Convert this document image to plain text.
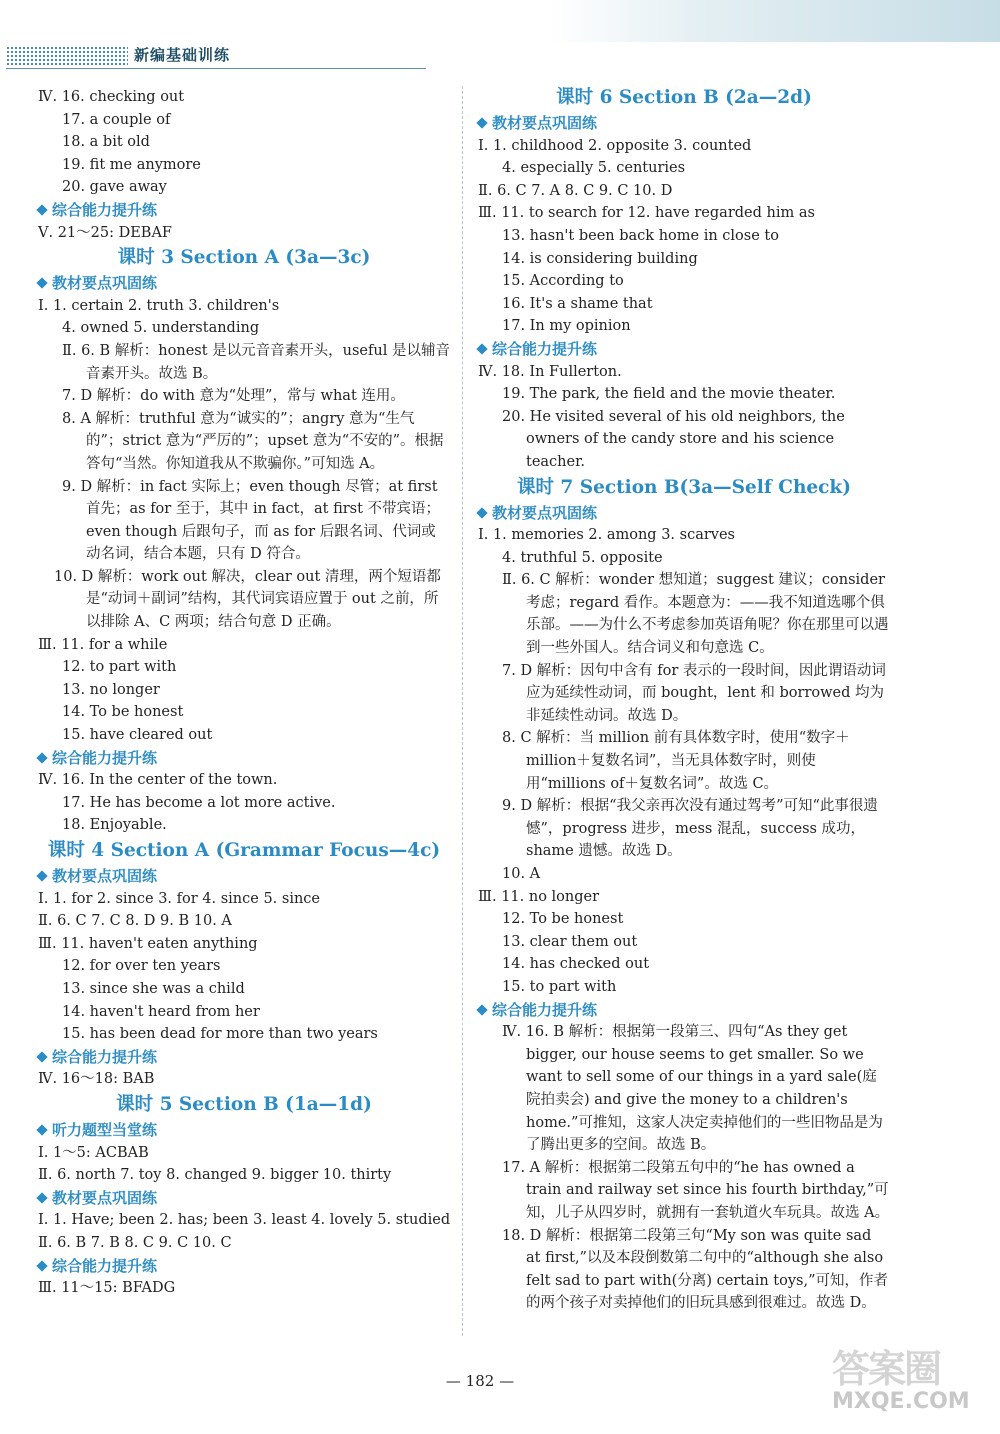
新编基础训练
Ⅳ. 16. checking out
17. a couple of
18. a bit old
19. fit me anymore
20. gave away
综合能力提升练
Ⅴ. 21～25: DEBAF
课时 3 Section A (3a—3c)
教材要点巩固练
Ⅰ. 1. certain 2. truth 3. children's
4. owned 5. understanding
Ⅱ. 6. B 解析：honest 是以元音音素开头，useful 是以辅音音素开头。故选 B。
7. D 解析：do with 意为“处理”，常与 what 连用。
8. A 解析：truthful 意为“诚实的”；angry 意为“生气的”；strict 意为“严厉的”；upset 意为“不安的”。根据答句“当然。你知道我从不欺骗你。”可知选 A。
9. D 解析：in fact 实际上；even though 尽管；at first 首先；as for 至于，其中 in fact，at first 不带宾语；even though 后跟句子，而 as for 后跟名词、代词或动名词，结合本题，只有 D 符合。
10. D 解析：work out 解决，clear out 清理，两个短语都是“动词＋副词”结构，其代词宾语应置于 out 之前，所以排除 A、C 两项；结合句意 D 正确。
Ⅲ. 11. for a while
12. to part with
13. no longer
14. To be honest
15. have cleared out
综合能力提升练
Ⅳ. 16. In the center of the town.
17. He has become a lot more active.
18. Enjoyable.
课时 4 Section A (Grammar Focus—4c)
教材要点巩固练
Ⅰ. 1. for 2. since 3. for 4. since 5. since
Ⅱ. 6. C 7. C 8. D 9. B 10. A
Ⅲ. 11. haven't eaten anything
12. for over ten years
13. since she was a child
14. haven't heard from her
15. has been dead for more than two years
综合能力提升练
Ⅳ. 16～18: BAB
课时 5 Section B (1a—1d)
听力题型当堂练
Ⅰ. 1～5: ACBAB
Ⅱ. 6. north 7. toy 8. changed 9. bigger 10. thirty
教材要点巩固练
Ⅰ. 1. Have; been 2. has; been 3. least 4. lovely 5. studied
Ⅱ. 6. B 7. B 8. C 9. C 10. C
综合能力提升练
Ⅲ. 11～15: BFADG
课时 6 Section B (2a—2d)
教材要点巩固练
Ⅰ. 1. childhood 2. opposite 3. counted
4. especially 5. centuries
Ⅱ. 6. C 7. A 8. C 9. C 10. D
Ⅲ. 11. to search for 12. have regarded him as
13. hasn't been back home in close to
14. is considering building
15. According to
16. It's a shame that
17. In my opinion
综合能力提升练
Ⅳ. 18. In Fullerton.
19. The park, the field and the movie theater.
20. He visited several of his old neighbors, the owners of the candy store and his science teacher.
课时 7 Section B(3a—Self Check)
教材要点巩固练
Ⅰ. 1. memories 2. among 3. scarves
4. truthful 5. opposite
Ⅱ. 6. C 解析：wonder 想知道；suggest 建议；consider 考虑；regard 看作。本题意为：——我不知道选哪个俱乐部。——为什么不考虑参加英语角呢？你在那里可以遇到一些外国人。结合词义和句意选 C。
7. D 解析：因句中含有 for 表示的一段时间，因此谓语动词应为延续性动词，而 bought，lent 和 borrowed 均为非延续性动词。故选 D。
8. C 解析：当 million 前有具体数字时，使用“数字＋million＋复数名词”，当无具体数字时，则使用“millions of＋复数名词”。故选 C。
9. D 解析：根据“我父亲再次没有通过驾考”可知“此事很遗憾”，progress 进步，mess 混乱，success 成功，shame 遗憾。故选 D。
10. A
Ⅲ. 11. no longer
12. To be honest
13. clear them out
14. has checked out
15. to part with
综合能力提升练
Ⅳ. 16. B 解析：根据第一段第三、四句“As they get bigger, our house seems to get smaller. So we want to sell some of our things in a yard sale(庭院拍卖会) and give the money to a children's home.”可推知，这家人决定卖掉他们的一些旧物品是为了腾出更多的空间。故选 B。
17. A 解析：根据第二段第五句中的“he has owned a train and railway set since his fourth birthday,”可知，儿子从四岁时，就拥有一套轨道火车玩具。故选 A。
18. D 解析：根据第二段第三句“My son was quite sad at first,”以及本段倒数第二句中的“although she also felt sad to part with(分离) certain toys,”可知，作者的两个孩子对卖掉他们的旧玩具感到很难过。故选 D。
— 182 —	答案圈
MXQE.COM
